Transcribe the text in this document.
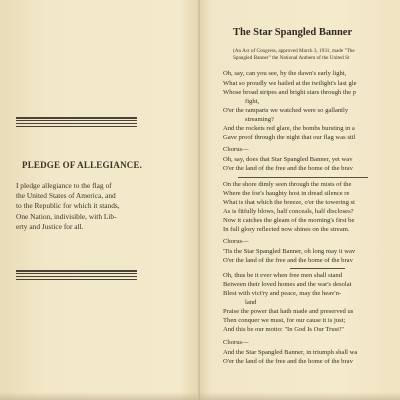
PLEDGE OF ALLEGIANCE.

I pledge allegiance to the flag of
the United States of America, and
to the Republic for which it stands,
One Nation, indivisible, with Lib-
erty and Justice for all.

The Star Spangled Banner

(An Act of Congress, approved March 3, 1931, made "The
Spangled Banner" the National Anthem of the United St

Oh, say, can you see, by the dawn's early light,

What so proudly we hailed at the twilight's last gle

Whose broad stripes and bright stars through the p

fight,

O'er the ramparts we watched were so gallantly

streaming?

And the rockets red glare, the bombs bursting in a

Gave proof through the night that our flag was stil

Chorus—

Oh, say, does that Star Spangled Banner, yet wav

O'er the land of the free and the home of the brav

On the shore dimly seen through the mists of the

Where the foe's haughty host in dread silence re

What is that which the breeze, o'er the towering st

As is fitfully blows, half conceals, half discloses?

Now it catches the gleam of the morning's first be

In full glory reflected now shines on the stream.

Chorus—

'Tis the Star Spangled Banner, oh long may it wav

O'er the land of the free and the home of the brav

Oh, thus be it ever when free men shall stand

Between their loved homes and the war's desolat

Blest with vict'ry and peace, may the heav'n-

land

Praise the power that hath made and preserved us

Then conquer we must, for our cause it is just;

And this be our motto: "In God Is Our Trust!"

Chorus—

And the Star Spangled Banner, in triumph shall wa

O'er the land of the free and the home of the brav
